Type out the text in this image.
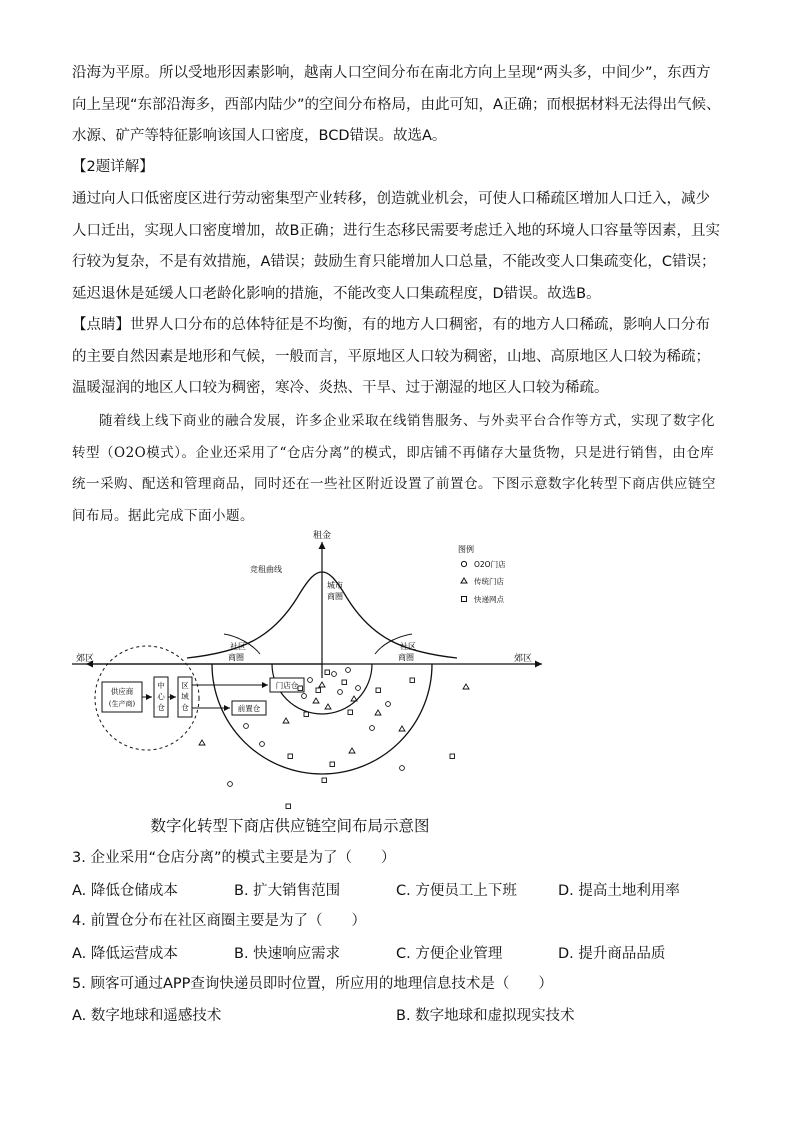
沿海为平原。所以受地形因素影响，越南人口空间分布在南北方向上呈现“两头多，中间少”，东西方向上呈现“东部沿海多，西部内陆少”的空间分布格局，由此可知，A正确；而根据材料无法得出气候、水源、矿产等特征影响该国人口密度，BCD错误。故选A。

【2题详解】

通过向人口低密度区进行劳动密集型产业转移，创造就业机会，可使人口稀疏区增加人口迁入，减少人口迁出，实现人口密度增加，故B正确；进行生态移民需要考虑迁入地的环境人口容量等因素，且实行较为复杂，不是有效措施，A错误；鼓励生育只能增加人口总量，不能改变人口集疏变化，C错误；延迟退休是延缓人口老龄化影响的措施，不能改变人口集疏程度，D错误。故选B。

【点睛】世界人口分布的总体特征是不均衡，有的地方人口稠密，有的地方人口稀疏，影响人口分布的主要自然因素是地形和气候，一般而言，平原地区人口较为稠密，山地、高原地区人口较为稀疏；温暖湿润的地区人口较为稠密，寒冷、炎热、干旱、过于潮湿的地区人口较为稀疏。

随着线上线下商业的融合发展，许多企业采取在线销售服务、与外卖平台合作等方式，实现了数字化转型（O2O模式）。企业还采用了“仓店分离”的模式，即店铺不再储存大量货物，只是进行销售，由仓库统一采购、配送和管理商品，同时还在一些社区附近设置了前置仓。下图示意数字化转型下商店供应链空间布局。据此完成下面小题。

租金
郊区	郊区
竞租曲线
城市
商圈
社区
商圈
社区
商圈
供应商
(生产商)
中
心
仓
区
域
仓
门店仓
前置仓
图例
O2O门店
传统门店
快递网点
数字化转型下商店供应链空间布局示意图
3. 企业采用“仓店分离”的模式主要是为了（　　）
A. 降低仓储成本	B. 扩大销售范围	C. 方便员工上下班	D. 提高土地利用率
4. 前置仓分布在社区商圈主要是为了（　　）
A. 降低运营成本	B. 快速响应需求	C. 方便企业管理	D. 提升商品品质
5. 顾客可通过APP查询快递员即时位置，所应用的地理信息技术是（　　）
A. 数字地球和遥感技术	B. 数字地球和虚拟现实技术
